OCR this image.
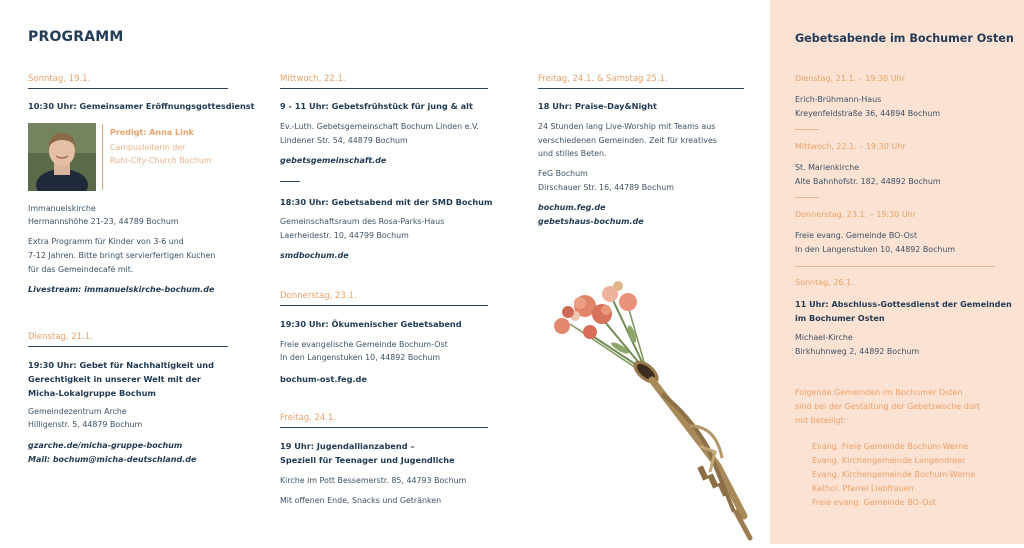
PROGRAMM
Sonntag, 19.1.
10:30 Uhr: Gemeinsamer Eröffnungsgottesdienst
Predigt: Anna Link
Campusleiterin der
Ruhr-City-Church Bochum
Immanuelskirche
Hermannshöhe 21-23, 44789 Bochum
Extra Programm für Kinder von 3-6 und
7-12 Jahren. Bitte bringt servierfertigen Kuchen
für das Gemeindecafé mit.
Livestream: immanuelskirche-bochum.de
Dienstag, 21.1.
19:30 Uhr: Gebet für Nachhaltigkeit und
Gerechtigkeit in unserer Welt mit der
Micha-Lokalgruppe Bochum
Gemeindezentrum Arche
Hilligenstr. 5, 44879 Bochum
gzarche.de/micha-gruppe-bochum
Mail: bochum@micha-deutschland.de
Mittwoch, 22.1.
9 - 11 Uhr: Gebetsfrühstück für jung & alt
Ev.-Luth. Gebetsgemeinschaft Bochum Linden e.V.
Lindener Str. 54, 44879 Bochum
gebetsgemeinschaft.de
18:30 Uhr: Gebetsabend mit der SMD Bochum
Gemeinschaftsraum des Rosa-Parks-Haus
Laerheidestr. 10, 44799 Bochum
smdbochum.de
Donnerstag, 23.1.
19:30 Uhr: Ökumenischer Gebetsabend
Freie evangelische Gemeinde Bochum-Ost
In den Langenstuken 10, 44892 Bochum
bochum-ost.feg.de
Freitag, 24.1.
19 Uhr: Jugendallianzabend –
Speziell für Teenager und Jugendliche
Kirche im Pott Bessemerstr. 85, 44793 Bochum
Mit offenen Ende, Snacks und Getränken
Freitag, 24.1. & Samstag 25.1.
18 Uhr: Praise-Day&Night
24 Stunden lang Live-Worship mit Teams aus
verschiedenen Gemeinden. Zeit für kreatives
und stilles Beten.
FeG Bochum
Dirschauer Str. 16, 44789 Bochum
bochum.feg.de
gebetshaus-bochum.de
Gebetsabende im Bochumer Osten
Dienstag, 21.1. – 19:30 Uhr
Erich-Brühmann-Haus
Kreyenfeldstraße 36, 44894 Bochum
Mittwoch, 22.1. – 19:30 Uhr
St. Marienkirche
Alte Bahnhofstr. 182, 44892 Bochum
Donnerstag, 23.1. – 19:30 Uhr
Freie evang. Gemeinde BO-Ost
In den Langenstuken 10, 44892 Bochum
Sonntag, 26.1.
11 Uhr: Abschluss-Gottesdienst der Gemeinden
im Bochumer Osten
Michael-Kirche
Birkhuhnweg 2, 44892 Bochum
Folgende Gemeinden im Bochumer Osten
sind bei der Gestaltung der Gebetswoche dort
mit beteiligt:
Evang. Freie Gemeinde Bochum-Werne
Evang. Kirchengemeinde Langendreer
Evang. Kirchengemeinde Bochum-Werne
Kathol. Pfarrei Liebfrauen
Freie evang. Gemeinde BO-Ost
